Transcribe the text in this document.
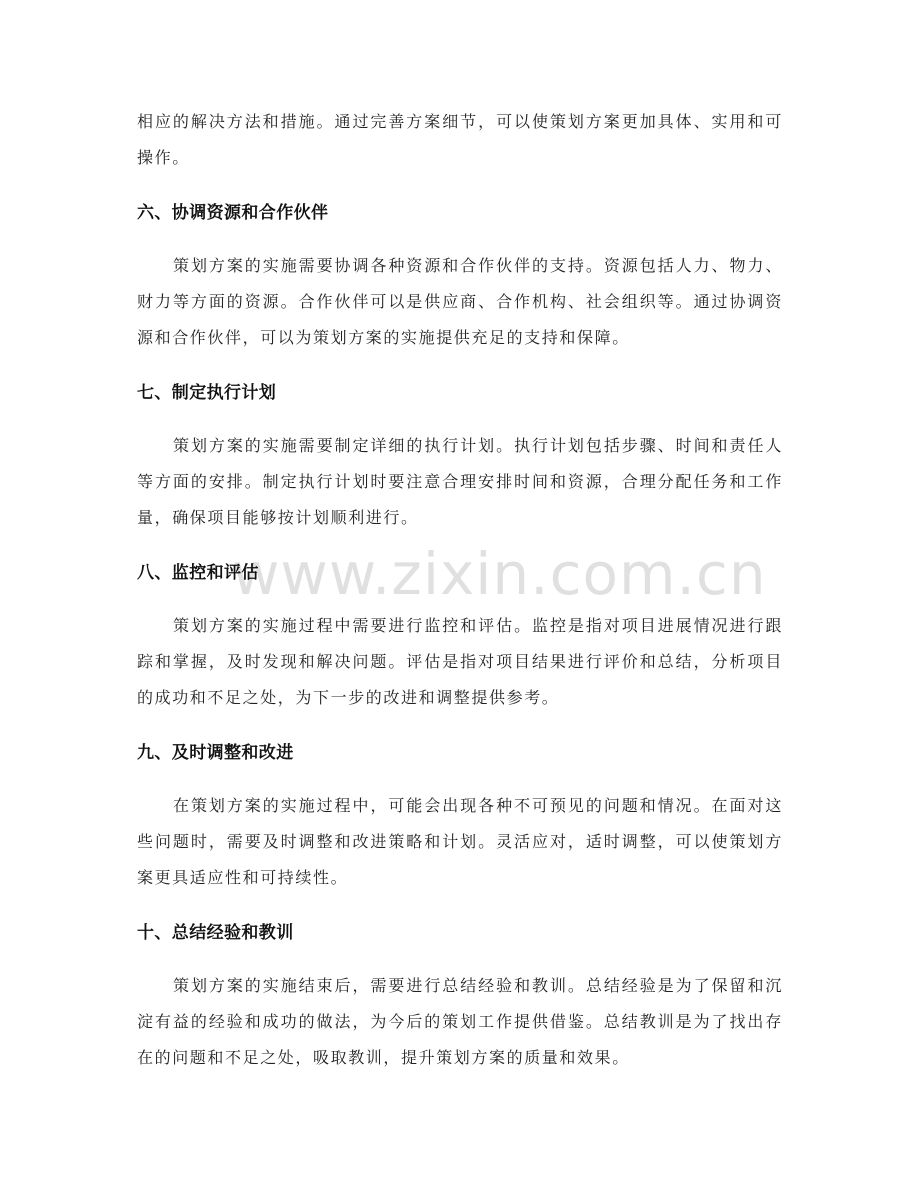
相应的解决方法和措施。通过完善方案细节，可以使策划方案更加具体、实用和可操作。

六、协调资源和合作伙伴

策划方案的实施需要协调各种资源和合作伙伴的支持。资源包括人力、物力、财力等方面的资源。合作伙伴可以是供应商、合作机构、社会组织等。通过协调资源和合作伙伴，可以为策划方案的实施提供充足的支持和保障。

七、制定执行计划

策划方案的实施需要制定详细的执行计划。执行计划包括步骤、时间和责任人等方面的安排。制定执行计划时要注意合理安排时间和资源，合理分配任务和工作量，确保项目能够按计划顺利进行。

八、监控和评估

策划方案的实施过程中需要进行监控和评估。监控是指对项目进展情况进行跟踪和掌握，及时发现和解决问题。评估是指对项目结果进行评价和总结，分析项目的成功和不足之处，为下一步的改进和调整提供参考。

九、及时调整和改进

在策划方案的实施过程中，可能会出现各种不可预见的问题和情况。在面对这些问题时，需要及时调整和改进策略和计划。灵活应对，适时调整，可以使策划方案更具适应性和可持续性。

十、总结经验和教训

策划方案的实施结束后，需要进行总结经验和教训。总结经验是为了保留和沉淀有益的经验和成功的做法，为今后的策划工作提供借鉴。总结教训是为了找出存在的问题和不足之处，吸取教训，提升策划方案的质量和效果。

www.zixin.com.cn
